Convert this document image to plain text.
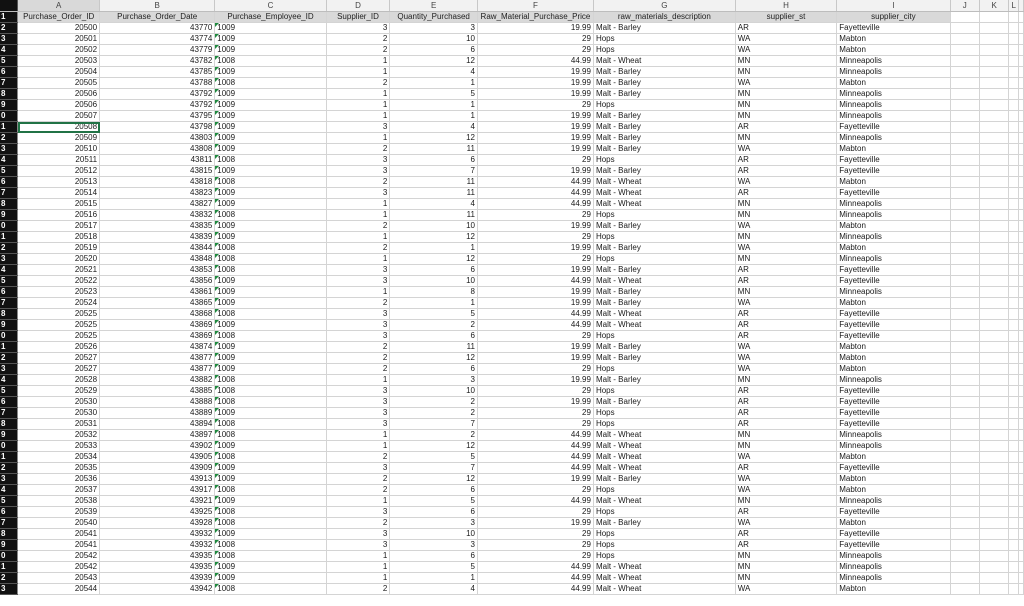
	A	B	C	D	E	F	G	H	I	J	K	L	
1	Purchase_Order_ID	Purchase_Order_Date	Purchase_Employee_ID	Supplier_ID	Quantity_Purchased	Raw_Material_Purchase_Price	raw_materials_description	supplier_st	supplier_city				
2	20500	43770	1009	3	3	19.99	Malt - Barley	AR	Fayetteville				
3	20501	43774	1009	2	10	29	Hops	WA	Mabton				
4	20502	43779	1009	2	6	29	Hops	WA	Mabton				
5	20503	43782	1008	1	12	44.99	Malt - Wheat	MN	Minneapolis				
6	20504	43785	1009	1	4	19.99	Malt - Barley	MN	Minneapolis				
7	20505	43788	1008	2	1	19.99	Malt - Barley	WA	Mabton				
8	20506	43792	1009	1	5	19.99	Malt - Barley	MN	Minneapolis				
9	20506	43792	1009	1	1	29	Hops	MN	Minneapolis				
0	20507	43795	1009	1	1	19.99	Malt - Barley	MN	Minneapolis				
1	20508	43798	1009	3	4	19.99	Malt - Barley	AR	Fayetteville				
2	20509	43803	1009	1	12	19.99	Malt - Barley	MN	Minneapolis				
3	20510	43808	1009	2	11	19.99	Malt - Barley	WA	Mabton				
4	20511	43811	1008	3	6	29	Hops	AR	Fayetteville				
5	20512	43815	1009	3	7	19.99	Malt - Barley	AR	Fayetteville				
6	20513	43818	1008	2	11	44.99	Malt - Wheat	WA	Mabton				
7	20514	43823	1009	3	11	44.99	Malt - Wheat	AR	Fayetteville				
8	20515	43827	1009	1	4	44.99	Malt - Wheat	MN	Minneapolis				
9	20516	43832	1008	1	11	29	Hops	MN	Minneapolis				
0	20517	43835	1009	2	10	19.99	Malt - Barley	WA	Mabton				
1	20518	43839	1009	1	12	29	Hops	MN	Minneapolis				
2	20519	43844	1008	2	1	19.99	Malt - Barley	WA	Mabton				
3	20520	43848	1008	1	12	29	Hops	MN	Minneapolis				
4	20521	43853	1008	3	6	19.99	Malt - Barley	AR	Fayetteville				
5	20522	43856	1009	3	10	44.99	Malt - Wheat	AR	Fayetteville				
6	20523	43861	1009	1	8	19.99	Malt - Barley	MN	Minneapolis				
7	20524	43865	1009	2	1	19.99	Malt - Barley	WA	Mabton				
8	20525	43868	1008	3	5	44.99	Malt - Wheat	AR	Fayetteville				
9	20525	43869	1009	3	2	44.99	Malt - Wheat	AR	Fayetteville				
0	20525	43869	1008	3	6	29	Hops	AR	Fayetteville				
1	20526	43874	1009	2	11	19.99	Malt - Barley	WA	Mabton				
2	20527	43877	1009	2	12	19.99	Malt - Barley	WA	Mabton				
3	20527	43877	1009	2	6	29	Hops	WA	Mabton				
4	20528	43882	1008	1	3	19.99	Malt - Barley	MN	Minneapolis				
5	20529	43885	1008	3	10	29	Hops	AR	Fayetteville				
6	20530	43888	1008	3	2	19.99	Malt - Barley	AR	Fayetteville				
7	20530	43889	1009	3	2	29	Hops	AR	Fayetteville				
8	20531	43894	1008	3	7	29	Hops	AR	Fayetteville				
9	20532	43897	1008	1	2	44.99	Malt - Wheat	MN	Minneapolis				
0	20533	43902	1009	1	12	44.99	Malt - Wheat	MN	Minneapolis				
1	20534	43905	1008	2	5	44.99	Malt - Wheat	WA	Mabton				
2	20535	43909	1009	3	7	44.99	Malt - Wheat	AR	Fayetteville				
3	20536	43913	1009	2	12	19.99	Malt - Barley	WA	Mabton				
4	20537	43917	1008	2	6	29	Hops	WA	Mabton				
5	20538	43921	1009	1	5	44.99	Malt - Wheat	MN	Minneapolis				
6	20539	43925	1008	3	6	29	Hops	AR	Fayetteville				
7	20540	43928	1008	2	3	19.99	Malt - Barley	WA	Mabton				
8	20541	43932	1009	3	10	29	Hops	AR	Fayetteville				
9	20541	43932	1008	3	3	29	Hops	AR	Fayetteville				
0	20542	43935	1008	1	6	29	Hops	MN	Minneapolis				
1	20542	43935	1009	1	5	44.99	Malt - Wheat	MN	Minneapolis				
2	20543	43939	1009	1	1	44.99	Malt - Wheat	MN	Minneapolis				
3	20544	43942	1008	2	4	44.99	Malt - Wheat	WA	Mabton				
